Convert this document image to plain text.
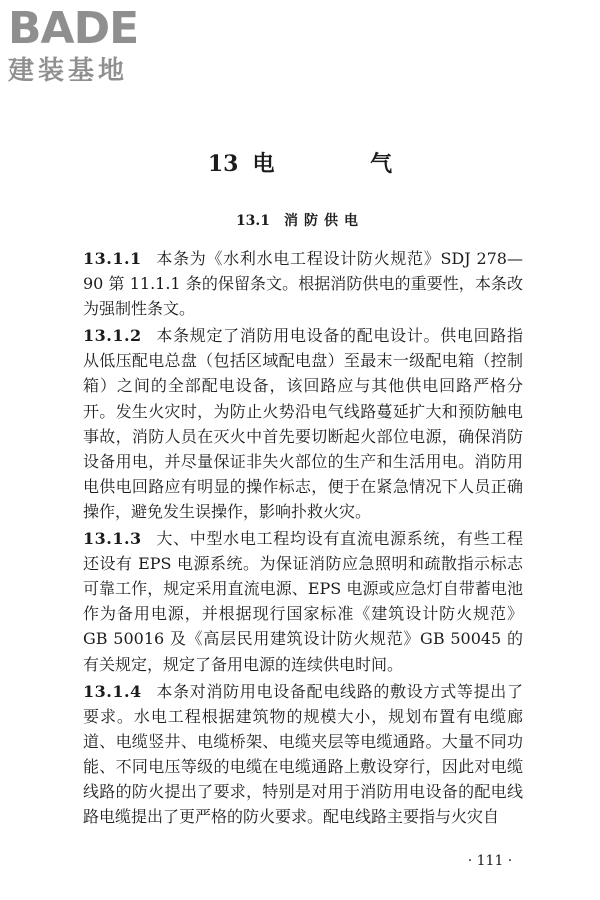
BADE
建装基地
13 电 气
13.1 消防供电

13.1.1 本条为《水利水电工程设计防火规范》SDJ 278—90 第 11.1.1 条的保留条文。根据消防供电的重要性，本条改为强制性条文。

13.1.2 本条规定了消防用电设备的配电设计。供电回路指从低压配电总盘（包括区域配电盘）至最末一级配电箱（控制箱）之间的全部配电设备，该回路应与其他供电回路严格分开。发生火灾时，为防止火势沿电气线路蔓延扩大和预防触电事故，消防人员在灭火中首先要切断起火部位电源，确保消防设备用电，并尽量保证非失火部位的生产和生活用电。消防用电供电回路应有明显的操作标志，便于在紧急情况下人员正确操作，避免发生误操作，影响扑救火灾。

13.1.3 大、中型水电工程均设有直流电源系统，有些工程还设有 EPS 电源系统。为保证消防应急照明和疏散指示标志可靠工作，规定采用直流电源、EPS 电源或应急灯自带蓄电池作为备用电源，并根据现行国家标准《建筑设计防火规范》GB 50016 及《高层民用建筑设计防火规范》GB 50045 的有关规定，规定了备用电源的连续供电时间。

13.1.4 本条对消防用电设备配电线路的敷设方式等提出了要求。水电工程根据建筑物的规模大小，规划布置有电缆廊道、电缆竖井、电缆桥架、电缆夹层等电缆通路。大量不同功能、不同电压等级的电缆在电缆通路上敷设穿行，因此对电缆线路的防火提出了要求，特别是对用于消防用电设备的配电线路电缆提出了更严格的防火要求。配电线路主要指与火灾自

· 111 ·
